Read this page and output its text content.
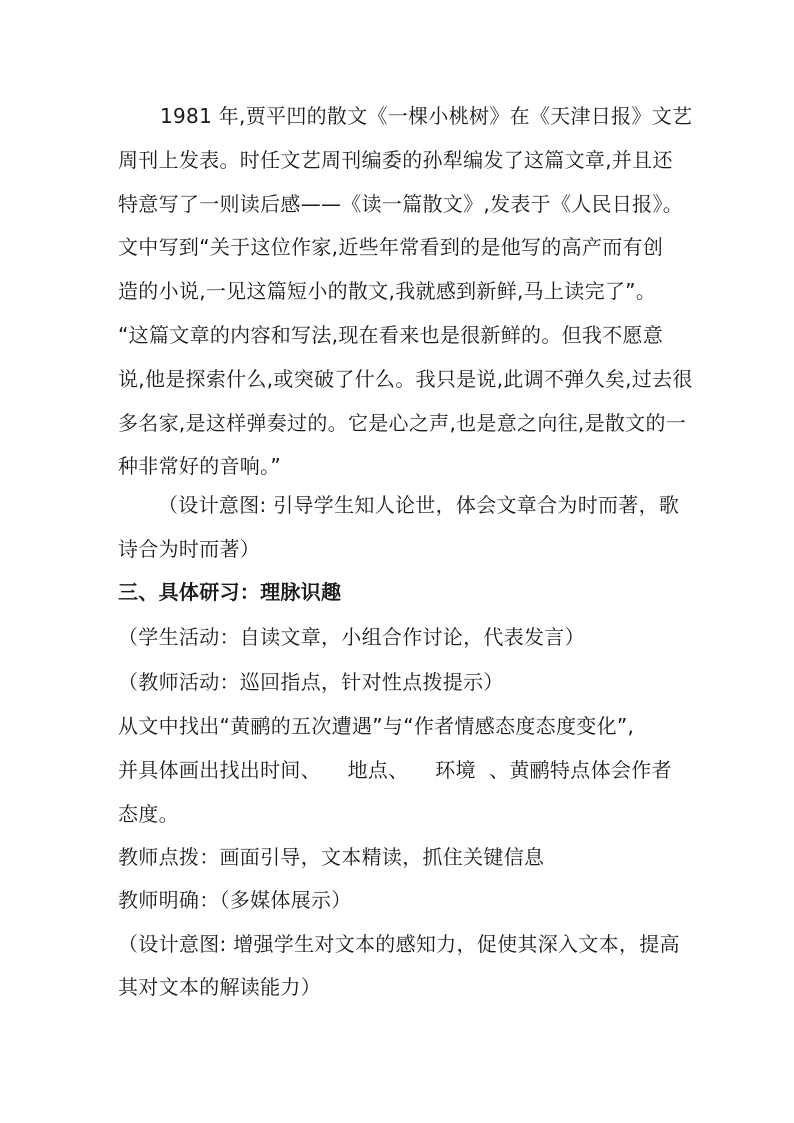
1981 年,贾平凹的散文《一棵小桃树》在《天津日报》文艺
周刊上发表。时任文艺周刊编委的孙犁编发了这篇文章,并且还
特意写了一则读后感——《读一篇散文》,发表于《人民日报》。
文中写到“关于这位作家,近些年常看到的是他写的高产而有创
造的小说,一见这篇短小的散文,我就感到新鲜,马上读完了”。
“这篇文章的内容和写法,现在看来也是很新鲜的。但我不愿意
说,他是探索什么,或突破了什么。我只是说,此调不弹久矣,过去很
多名家,是这样弹奏过的。它是心之声,也是意之向往,是散文的一
种非常好的音响。”
（设计意图: 引导学生知人论世，体会文章合为时而著，歌
诗合为时而著）
三、具体研习：理脉识趣
（学生活动：自读文章，小组合作讨论，代表发言）
（教师活动：巡回指点，针对性点拨提示）
从文中找出“黄鹂的五次遭遇”与“作者情感态度态度变化”,
并具体画出找出时间、    地点、    环境  、黄鹂特点体会作者
态度。
教师点拨：画面引导，文本精读，抓住关键信息
教师明确：（多媒体展示）
（设计意图: 增强学生对文本的感知力，促使其深入文本，提高
其对文本的解读能力）
